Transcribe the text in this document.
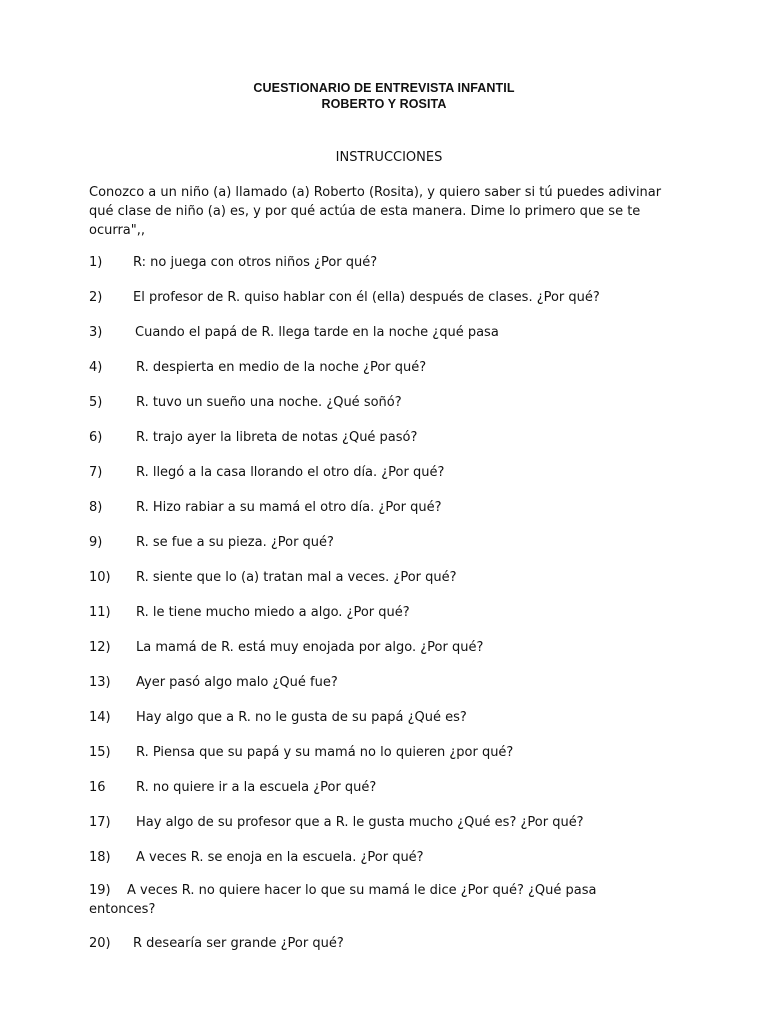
CUESTIONARIO DE ENTREVISTA INFANTIL
ROBERTO Y ROSITA
INSTRUCCIONES

Conozco a un niño (a) llamado (a) Roberto (Rosita), y quiero saber si tú puedes adivinar qué clase de niño (a) es, y por qué actúa de esta manera. Dime lo primero que se te ocurra",,

1) R: no juega con otros niños ¿Por qué?
2) El profesor de R. quiso hablar con él (ella) después de clases. ¿Por qué?
3)	Cuando el papá de R. llega tarde en la noche ¿qué pasa
4)	R. despierta en medio de la noche ¿Por qué?
5)	R. tuvo un sueño una noche. ¿Qué soñó?
6)	R. trajo ayer la libreta de notas ¿Qué pasó?
7)	R. llegó a la casa llorando el otro día. ¿Por qué?
8)	R. Hizo rabiar a su mamá el otro día. ¿Por qué?
9)	R. se fue a su pieza. ¿Por qué?
10) R. siente que lo (a) tratan mal a veces. ¿Por qué?
11) R. le tiene mucho miedo a algo. ¿Por qué?
12) La mamá de R. está muy enojada por algo. ¿Por qué?
13) Ayer pasó algo malo ¿Qué fue?
14) Hay algo que a R. no le gusta de su papá ¿Qué es?
15) R. Piensa que su papá y su mamá no lo quieren ¿por qué?
16 R. no quiere ir a la escuela ¿Por qué?
17) Hay algo de su profesor que a R. le gusta mucho ¿Qué es? ¿Por qué?
18) A veces R. se enoja en la escuela. ¿Por qué?
19) A veces R. no quiere hacer lo que su mamá le dice ¿Por qué? ¿Qué pasa entonces?
20) R desearía ser grande ¿Por qué?
